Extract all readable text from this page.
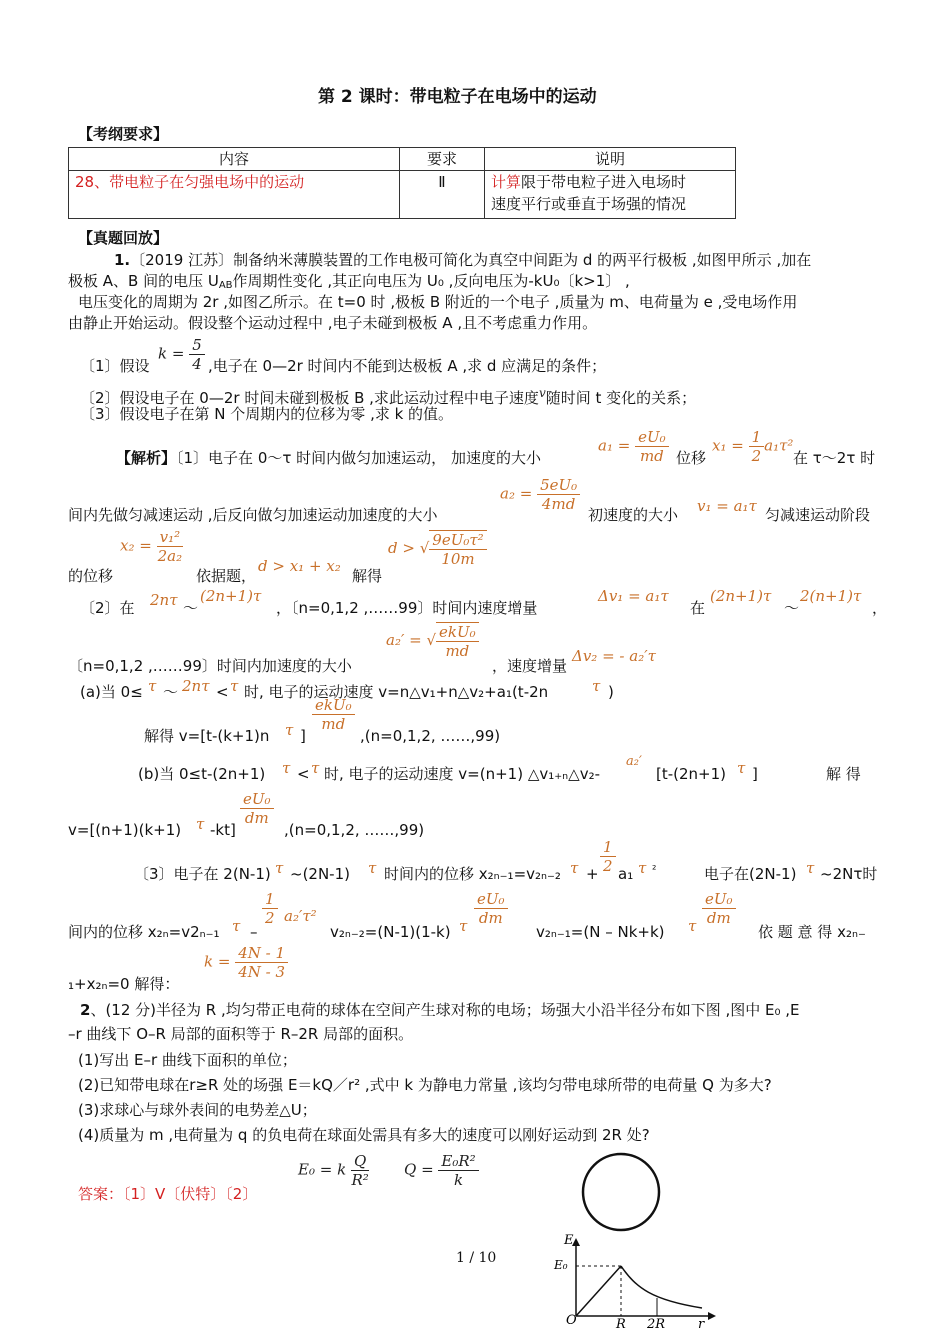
第 2 课时：带电粒子在电场中的运动
【考纲要求】
内容	要求	说明
28、带电粒子在匀强电场中的运动	Ⅱ	计算限于带电粒子进入电场时
速度平行或垂直于场强的情况
【真题回放】
1.〔2019 江苏〕制备纳米薄膜装置的工作电极可简化为真空中间距为 d 的两平行极板 ,如图甲所示 ,加在
极板 A、B 间的电压 $U_{AB}$作周期性变化 ,其正向电压为 U₀ ,反向电压为-kU₀〔k>1〕 ,
电压变化的周期为 2r ,如图乙所示。在 t=0 时 ,极板 B 附近的一个电子 ,质量为 m、电荷量为 e ,受电场作用
由静止开始运动。假设整个运动过程中 ,电子未碰到极板 A ,且不考虑重力作用。
〔1〕假设
$k = \frac{5}{4}$ ,电子在 0—2r 时间内不能到达极板 A ,求 d 应满足的条件；
〔2〕假设电子在 0—2r 时间未碰到极板 B ,求此运动过程中电子速度$^v$随时间 t 变化的关系；
〔3〕假设电子在第 N 个周期内的位移为零 ,求 k 的值。
【解析】〔1〕电子在 0～τ 时间内做匀加速运动， 加速度的大小
$a_1 = \frac{\text{eU₀}}{md}$ 位移
$x_1 = \frac{1}{2} a_1\tau^2$
在 τ～2τ 时
间内先做匀减速运动 ,后反向做匀加速运动加速度的大小
$a_2 = \frac{\text{5eU₀}}{4md}$
初速度的大小 v₁ = a₁τ 匀减速运动阶段
的位移
$x_2 = \frac{\text{v₁²}}{\text{2a₂}}$
依据题，
d > x₁ + x₂
解得
d > √ $\frac{\text{9eU₀τ²}}{10m}$
〔2〕在 2nτ ～
(2n+1)τ
，〔n=0,1,2 ,……99〕时间内速度增量
Δv₁ = a₁τ
在
(2n+1)τ
～
2(n+1)τ
，
〔n=0,1,2 ,……99〕时间内加速度的大小
a₂′ = √ $\frac{\text{ekU₀}}{md}$
，速度增量
Δv₂ = - a₂′τ
(a)当 0≤ τ ～ 2nτ < τ 时, 电子的运动速度 v=n△v₁+n△v₂+a₁(t-2n	τ )
$\frac{\text{ekU₀}}{md}$
解得 v=[t-(k+1)n τ ]	,(n=0,1,2, ……,99)
(b)当 0≤t-(2n+1) τ < τ 时, 电子的运动速度 v=(n+1) △v₁₊ₙ△v₂-
a₂′
[t-(2n+1) τ ]	解 得
$\frac{\text{eU₀}}{dm}$
v=[(n+1)(k+1) τ -kt]	,(n=0,1,2, ……,99)
〔3〕电子在 2(N-1) τ ~(2N-1) τ 时间内的位移 x₂ₙ₋₁=v₂ₙ₋₂ $\tau + \frac{1}{2} a_1$ τ ²	电子在(2N-1) τ ~2Nτ时
间内的位移 x₂ₙ=v2ₙ₋₁ τ –
$\frac{1}{2} a_2'\tau^2$
v₂ₙ₋₂=(N-1)(1-k) τ $\frac{\text{eU₀}}{dm}$
v₂ₙ₋₁=(N – Nk+k) τ $\frac{\text{eU₀}}{dm}$
依 题 意 得 x₂ₙ₋
₁+x₂ₙ=0 解得：
$k = \frac{4N - 1}{4N - 3}$
2、(12 分)半径为 R ,均匀带正电荷的球体在空间产生球对称的电场；场强大小沿半径分布如下图 ,图中 E₀ ,E
–r 曲线下 O–R 局部的面积等于 R–2R 局部的面积。
(1)写出 E–r 曲线下面积的单位；
(2)已知带电球在r≥R 处的场强 E＝kQ／r² ,式中 k 为静电力常量 ,该均匀带电球所带的电荷量 Q 为多大?
(3)求球心与球外表间的电势差△U；
(4)质量为 m ,电荷量为 q 的负电荷在球面处需具有多大的速度可以刚好运动到 2R 处?
答案：〔1〕V〔伏特〕〔2〕
E₀ = k $\frac{Q}{\text{R²}}$ $Q = \frac{\text{E₀R²}}{k}$
E
E₀
O	R 2R	r
1 / 10
